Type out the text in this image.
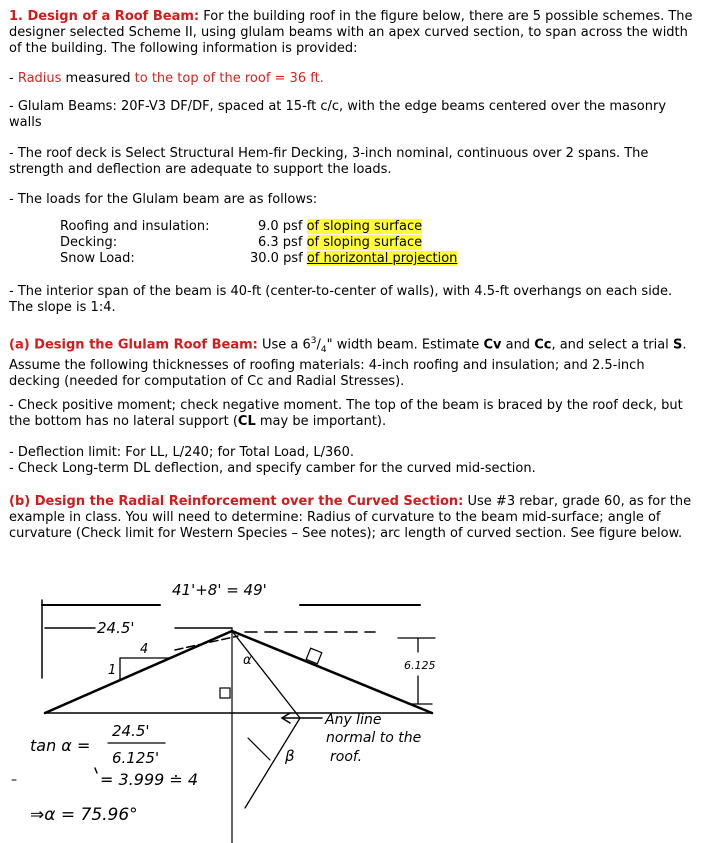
1. Design of a Roof Beam: For the building roof in the figure below, there are 5 possible schemes. The designer selected Scheme II, using glulam beams with an apex curved section, to span across the width of the building. The following information is provided:
- Radius measured to the top of the roof = 36 ft.
- Glulam Beams: 20F-V3 DF/DF, spaced at 15-ft c/c, with the edge beams centered over the masonry walls
- The roof deck is Select Structural Hem-fir Decking, 3-inch nominal, continuous over 2 spans. The strength and deflection are adequate to support the loads.
- The loads for the Glulam beam are as follows:
Roofing and insulation:
Decking:
Snow Load:
9.0 psf of sloping surface
6.3 psf of sloping surface
30.0 psf of horizontal projection
- The interior span of the beam is 40-ft (center-to-center of walls), with 4.5-ft overhangs on each side. The slope is 1:4.
(a) Design the Glulam Roof Beam: Use a $6^3/_4$" width beam. Estimate Cv and Cc, and select a trial S. Assume the following thicknesses of roofing materials: 4-inch roofing and insulation; and 2.5-inch decking (needed for computation of Cc and Radial Stresses).
- Check positive moment; check negative moment. The top of the beam is braced by the roof deck, but the bottom has no lateral support (CL may be important).
- Deflection limit: For LL, L/240; for Total Load, L/360.
- Check Long-term DL deflection, and specify camber for the curved mid-section.
(b) Design the Radial Reinforcement over the Curved Section: Use #3 rebar, grade 60, as for the example in class. You will need to determine: Radius of curvature to the beam mid-surface; angle of curvature (Check limit for Western Species – See notes); arc length of curved section. See figure below.
41'+8' = 49'
24.5'
4
1
α
β
Any line
normal to the
roof.
6.125
tan α =
24.5'
6.125'
= 3.999 ≐ 4
⇒α = 75.96°
